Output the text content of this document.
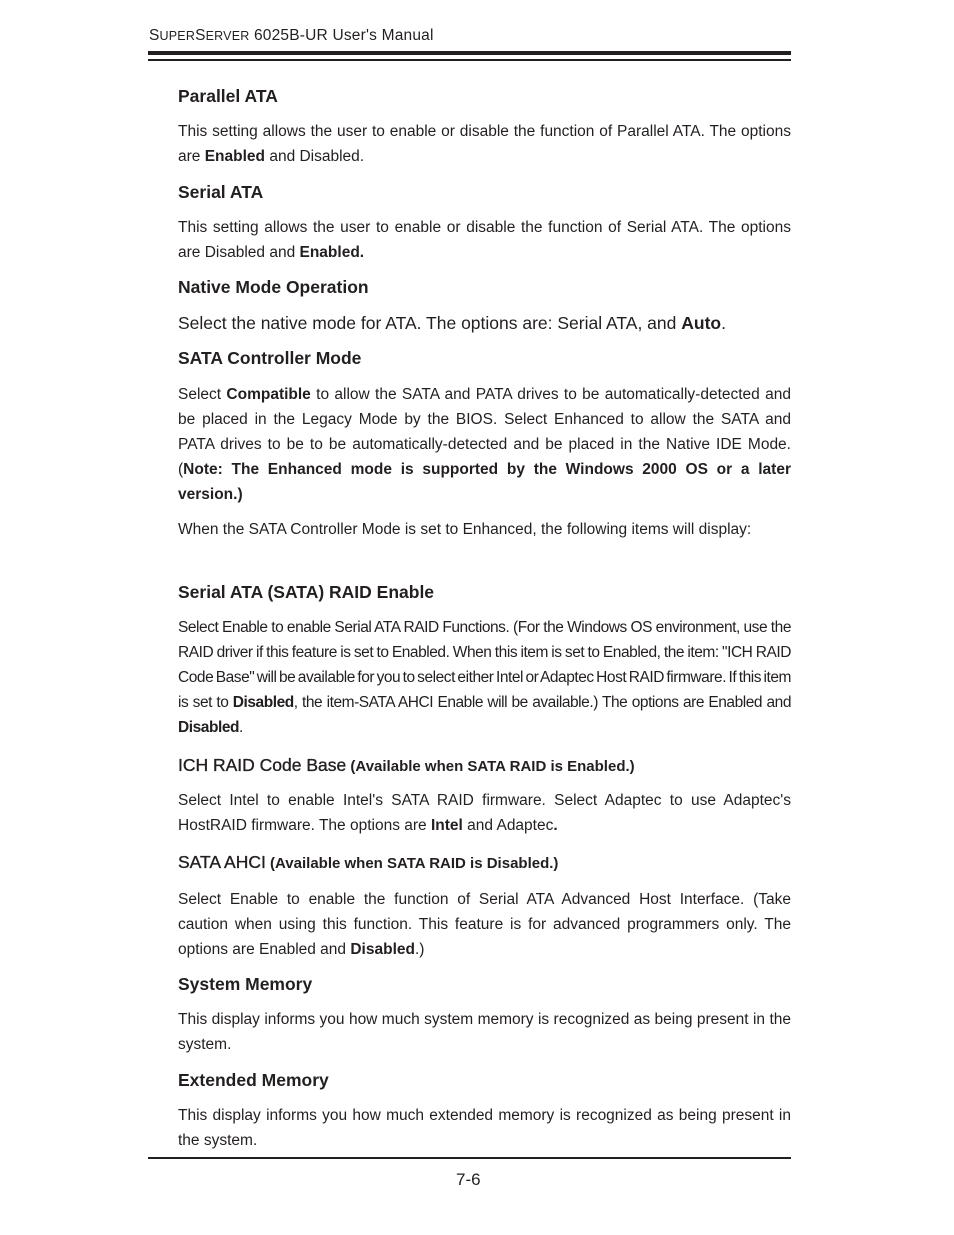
SUPERSERVER 6025B-UR User's Manual
Parallel ATA

This setting allows the user to enable or disable the function of Parallel ATA. The options are Enabled and Disabled.

Serial ATA

This setting allows the user to enable or disable the function of Serial ATA. The options are Disabled and Enabled.

Native Mode Operation

Select the native mode for ATA. The options are: Serial ATA, and Auto.

SATA Controller Mode

Select Compatible to allow the SATA and PATA drives to be automatically-detected and be placed in the Legacy Mode by the BIOS. Select Enhanced to allow the SATA and PATA drives to be to be automatically-detected and be placed in the Native IDE Mode. (Note: The Enhanced mode is supported by the Windows 2000 OS or a later version.)

When the SATA Controller Mode is set to Enhanced, the following items will display:

Serial ATA (SATA) RAID Enable

Select Enable to enable Serial ATA RAID Functions. (For the Windows OS environment, use the RAID driver if this feature is set to Enabled. When this item is set to Enabled, the item: "ICH RAID Code Base" will be available for you to select either Intel or Adaptec Host RAID firmware. If this item is set to Disabled, the item-SATA AHCI Enable will be available.) The options are Enabled and Disabled.

ICH RAID Code Base (Available when SATA RAID is Enabled.)

Select Intel to enable Intel's SATA RAID firmware. Select Adaptec to use Adaptec's HostRAID firmware. The options are Intel and Adaptec.

SATA AHCI (Available when SATA RAID is Disabled.)

Select Enable to enable the function of Serial ATA Advanced Host Interface. (Take caution when using this function. This feature is for advanced programmers only. The options are Enabled and Disabled.)

System Memory

This display informs you how much system memory is recognized as being present in the system.

Extended Memory

This display informs you how much extended memory is recognized as being present in the system.

7-6
